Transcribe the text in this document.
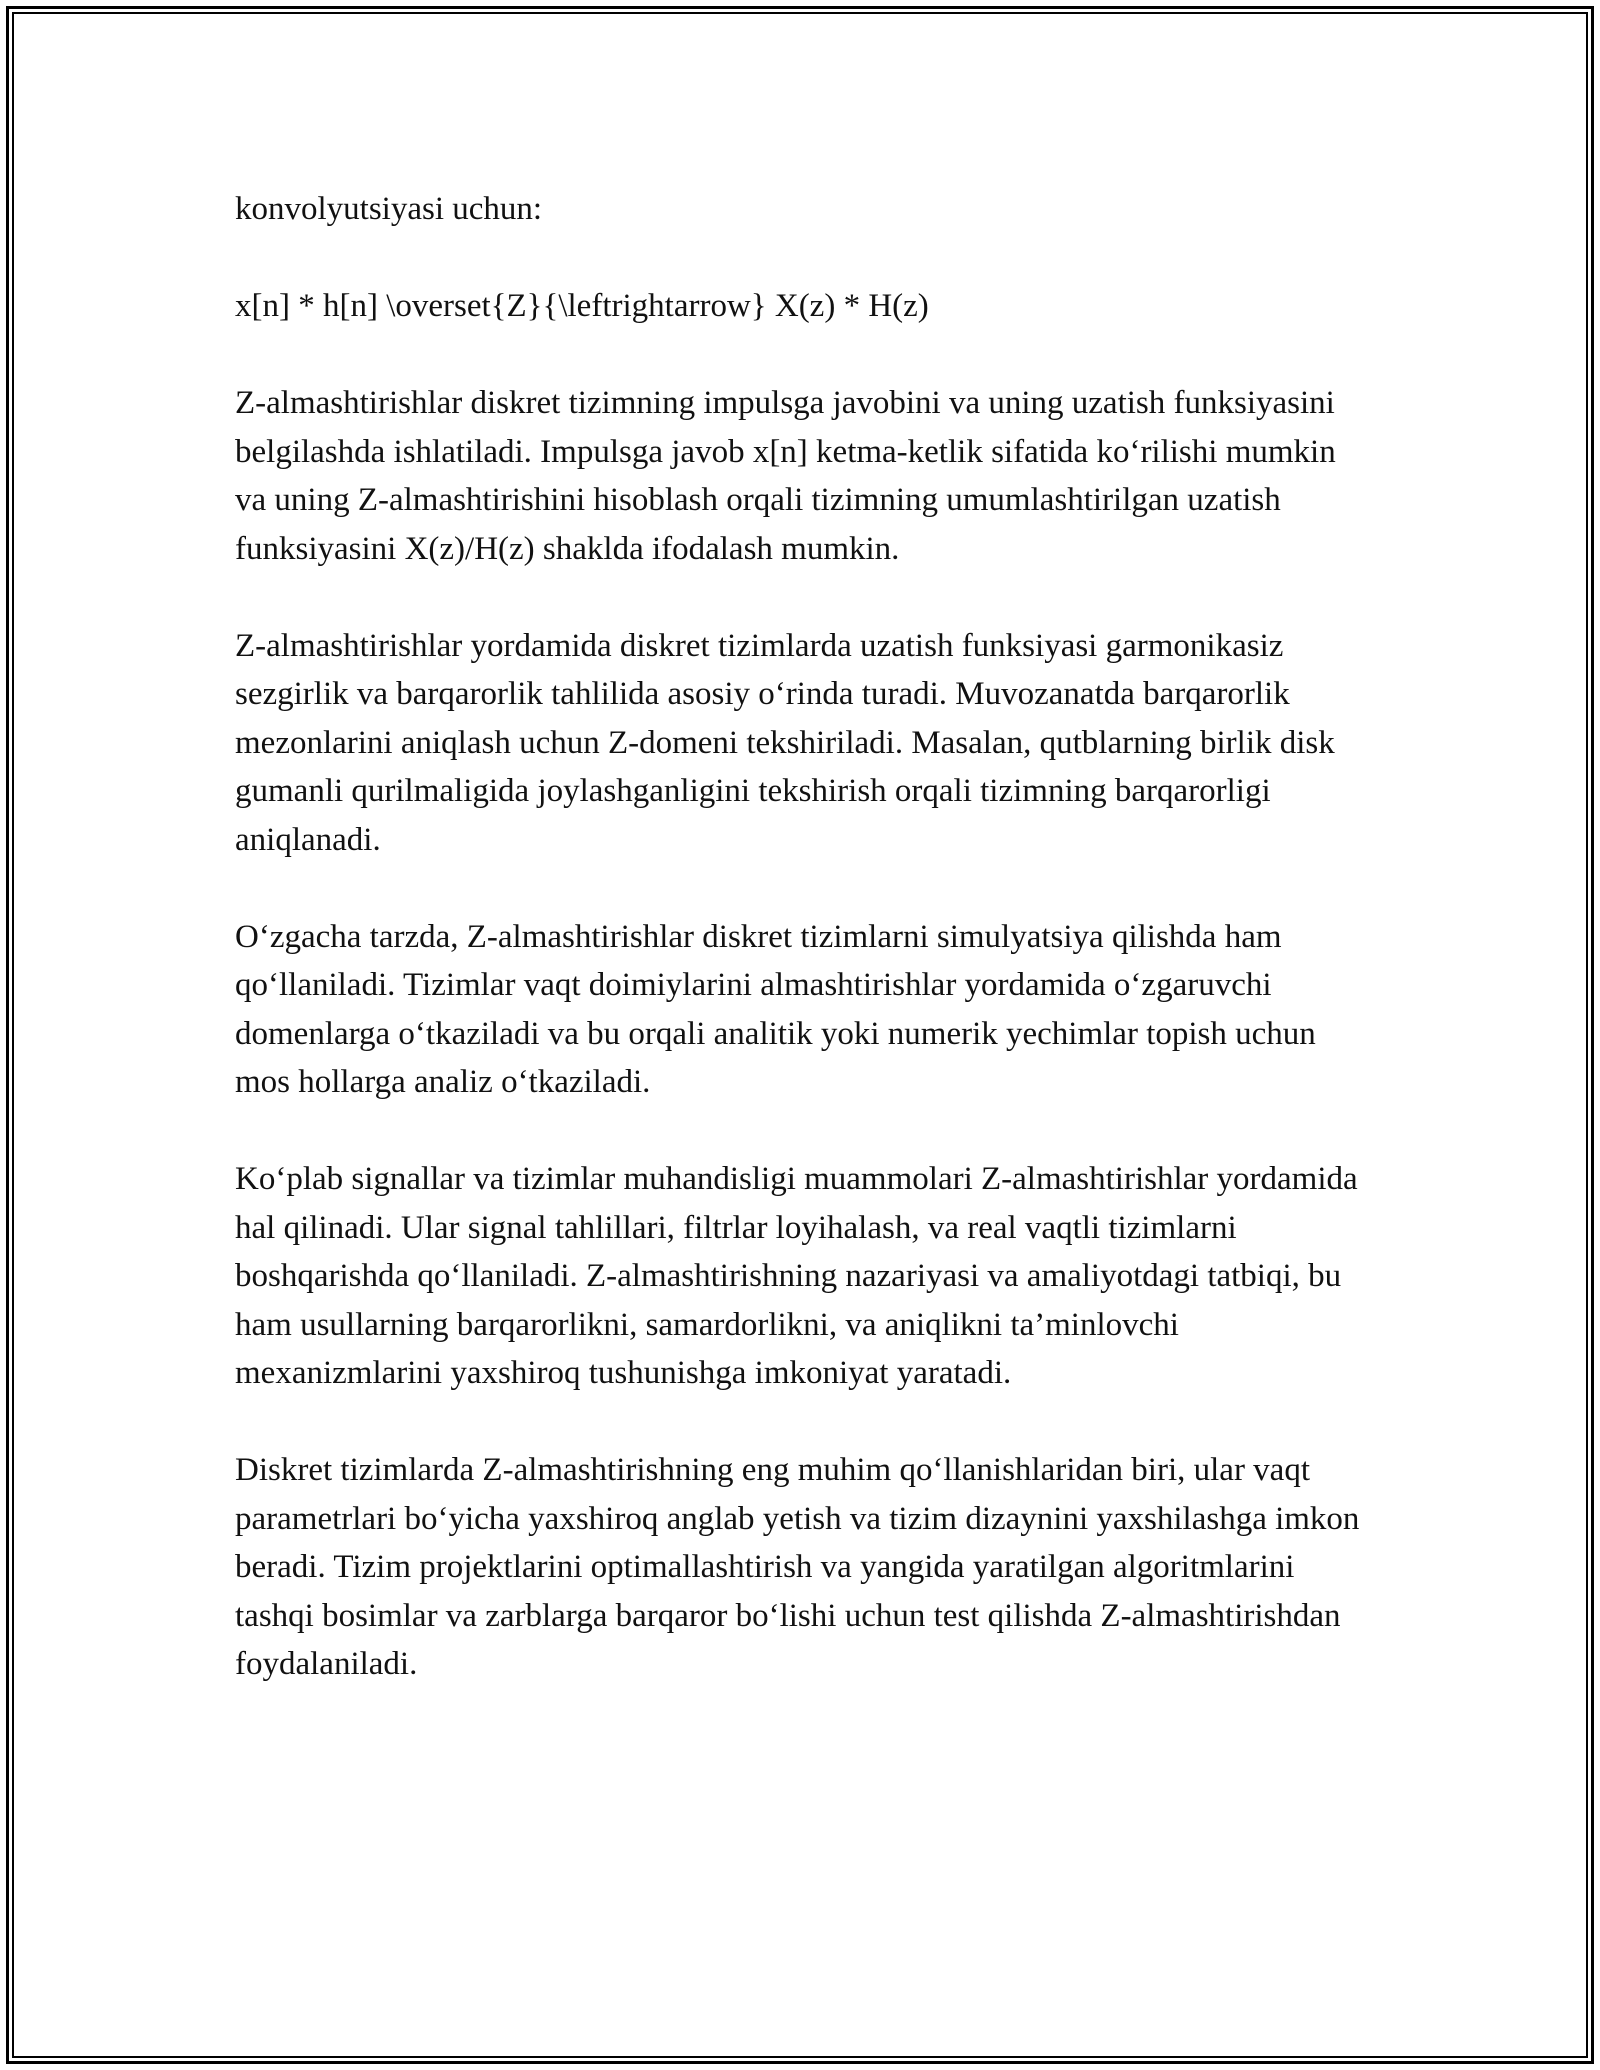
konvolyutsiyasi uchun:

x[n] * h[n] \overset{Z}{\leftrightarrow} X(z) * H(z)

Z-almashtirishlar diskret tizimning impulsga javobini va uning uzatish funksiyasini belgilashda ishlatiladi. Impulsga javob x[n] ketma-ketlik sifatida ko‘rilishi mumkin va uning Z-almashtirishini hisoblash orqali tizimning umumlashtirilgan uzatish funksiyasini X(z)/H(z) shaklda ifodalash mumkin.

Z-almashtirishlar yordamida diskret tizimlarda uzatish funksiyasi garmonikasiz sezgirlik va barqarorlik tahlilida asosiy o‘rinda turadi. Muvozanatda barqarorlik mezonlarini aniqlash uchun Z-domeni tekshiriladi. Masalan, qutblarning birlik disk gumanli qurilmaligida joylashganligini tekshirish orqali tizimning barqarorligi aniqlanadi.

O‘zgacha tarzda, Z-almashtirishlar diskret tizimlarni simulyatsiya qilishda ham qo‘llaniladi. Tizimlar vaqt doimiylarini almashtirishlar yordamida o‘zgaruvchi domenlarga o‘tkaziladi va bu orqali analitik yoki numerik yechimlar topish uchun mos hollarga analiz o‘tkaziladi.

Ko‘plab signallar va tizimlar muhandisligi muammolari Z-almashtirishlar yordamida hal qilinadi. Ular signal tahlillari, filtrlar loyihalash, va real vaqtli tizimlarni boshqarishda qo‘llaniladi. Z-almashtirishning nazariyasi va amaliyotdagi tatbiqi, bu ham usullarning barqarorlikni, samardorlikni, va aniqlikni ta’minlovchi mexanizmlarini yaxshiroq tushunishga imkoniyat yaratadi.

Diskret tizimlarda Z-almashtirishning eng muhim qo‘llanishlaridan biri, ular vaqt parametrlari bo‘yicha yaxshiroq anglab yetish va tizim dizaynini yaxshilashga imkon beradi. Tizim projektlarini optimallashtirish va yangida yaratilgan algoritmlarini tashqi bosimlar va zarblarga barqaror bo‘lishi uchun test qilishda Z-almashtirishdan foydalaniladi.
